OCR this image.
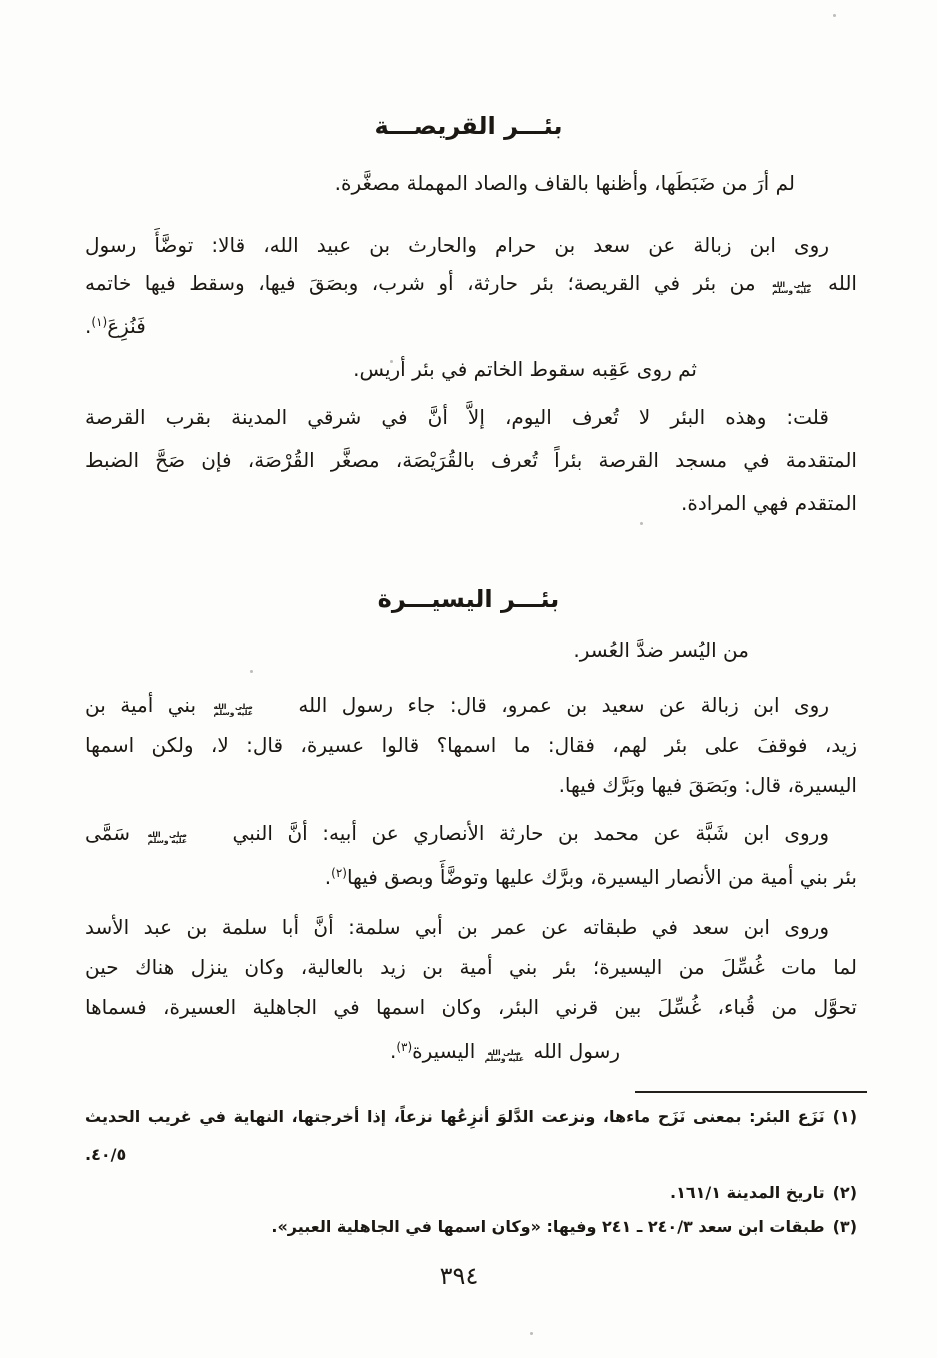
بئـــر القريصـــة
لم أرَ من ضَبَطَها، وأظنها بالقاف والصاد المهملة مصغَّرة.
روى ابن زبالة عن سعد بن حرام والحارث بن عبيد الله، قالا: توضَّأَ رسول
الله
صلى الله
عليه وسلم
من بئر في القريصة؛ بئر حارثة، أو شرب، وبصَقَ فيها، وسقط فيها خاتمه
فَنُزِعَ$^{(١)}$.
ثم روى عَقِبه سقوط الخاتم في بئر أريس.
قلت: وهذه البئر لا تُعرف اليوم، إلاَّ أنَّ في شرقي المدينة بقرب القرصة
المتقدمة في مسجد القرصة بئراً تُعرف بالقُرَيْصَة، مصغَّر القُرْصَة، فإن صَحَّ الضبط
المتقدم فهي المرادة.
بئـــر اليسيـــرة
من اليُسر ضدَّ العُسر.
روى ابن زبالة عن سعيد بن عمرو، قال: جاء رسول الله
صلى الله
عليه وسلم
بني أمية بن
زيد، فوقفَ على بئر لهم، فقال: ما اسمها؟ قالوا عسيرة، قال: لا، ولكن اسمها
اليسيرة، قال: وبَصَقَ فيها وبَرَّك فيها.
وروى ابن شَبَّة عن محمد بن حارثة الأنصاري عن أبيه: أنَّ النبي
صلى الله
عليه وسلم
سَمَّى
بئر بني أمية من الأنصار اليسيرة، وبرَّك عليها وتوضَّأَ وبصق فيها$^{(٢)}$.
وروى ابن سعد في طبقاته عن عمر بن أبي سلمة: أنَّ أبا سلمة بن عبد الأسد
لما مات غُسِّلَ من اليسيرة؛ بئر بني أمية بن زيد بالعالية، وكان ينزل هناك حين
تحوَّل من قُباء، غُسِّلَ بين قرني البئر، وكان اسمها في الجاهلية العسيرة، فسماها
رسول الله
صلى الله
عليه وسلم
اليسيرة$^{(٣)}$.
(١)نَزَع البئر: بمعنى نَزَح ماءها، ونزعت الدَّلوَ أنزِعُها نزعاً، إذا أخرجتها، النهاية في غريب الحديث
٤٠/٥.
(٢)تاريخ المدينة ١٦١/١.
(٣)طبقات ابن سعد ٢٤٠/٣ ـ ٢٤١ وفيها: «وكان اسمها في الجاهلية العبير».
٣٩٤
